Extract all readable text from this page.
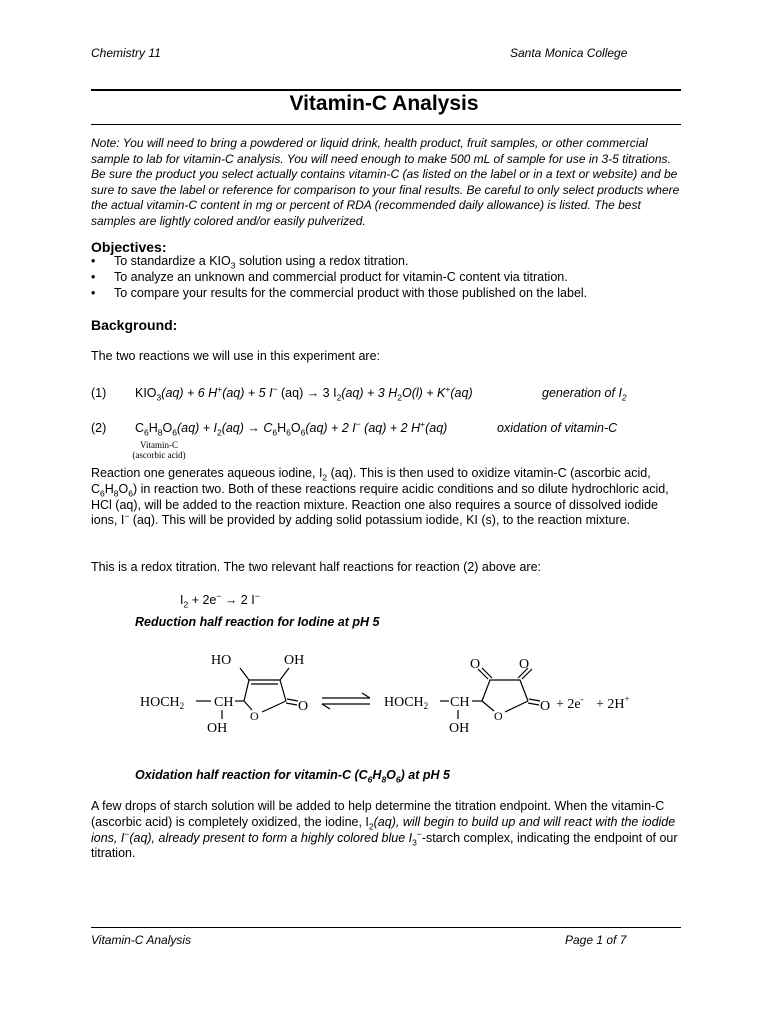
Chemistry 11	Santa Monica College
Vitamin-C Analysis
Note: You will need to bring a powdered or liquid drink, health product, fruit samples, or other commercial sample to lab for vitamin-C analysis. You will need enough to make 500 mL of sample for use in 3-5 titrations. Be sure the product you select actually contains vitamin-C (as listed on the label or in a text or website) and be sure to save the label or reference for comparison to your final results. Be careful to only select products where the actual vitamin-C content in mg or percent of RDA (recommended daily allowance) is listed. The best samples are lightly colored and/or easily pulverized.
Objectives:
• To standardize a $KIO_3$ solution using a redox titration.
• To analyze an unknown and commercial product for vitamin-C content via titration.
• To compare your results for the commercial product with those published on the label.
Background:
The two reactions we will use in this experiment are:
(1) $KIO_3(aq) + 6$ H+(aq) + 5 I− (aq) → 3 $I_2(aq) + 3$ $H_2O(l) + K^+(aq)$	generation of $I_2$
(2) $C_6H_8O_6(aq) + I_2(aq) \to C_6H_6O_6(aq) + 2$ I− (aq) + 2 H+(aq)	oxidation of vitamin-C
Vitamin-C
(ascorbic acid)
Reaction one generates aqueous iodine, $I_2$ (aq). This is then used to oxidize vitamin-C (ascorbic acid, $C_6H_8O_6$) in reaction two. Both of these reactions require acidic conditions and so dilute hydrochloric acid, HCl (aq), will be added to the reaction mixture. Reaction one also requires a source of dissolved iodide ions, I− (aq). This will be provided by adding solid potassium iodide, KI (s), to the reaction mixture.
This is a redox titration. The two relevant half reactions for reaction (2) above are:
$I_2 + 2e^- \to 2$ I−
Reduction half reaction for Iodine at pH 5
HO	OH
$HOCH_2$ CH
O
O
OH
O	O
$HOCH_2$ CH
O
O
OH
+ 2e- + 2H+
Oxidation half reaction for vitamin-C $(C_6H_8O_6)$ at pH 5
A few drops of starch solution will be added to help determine the titration endpoint. When the vitamin-C (ascorbic acid) is completely oxidized, the iodine, $I_2(aq)$, will begin to build up and will react with the iodide ions, I−(aq), already present to form a highly colored blue $I_3^-$-starch complex, indicating the endpoint of our titration.
Vitamin-C Analysis	Page 1 of 7
